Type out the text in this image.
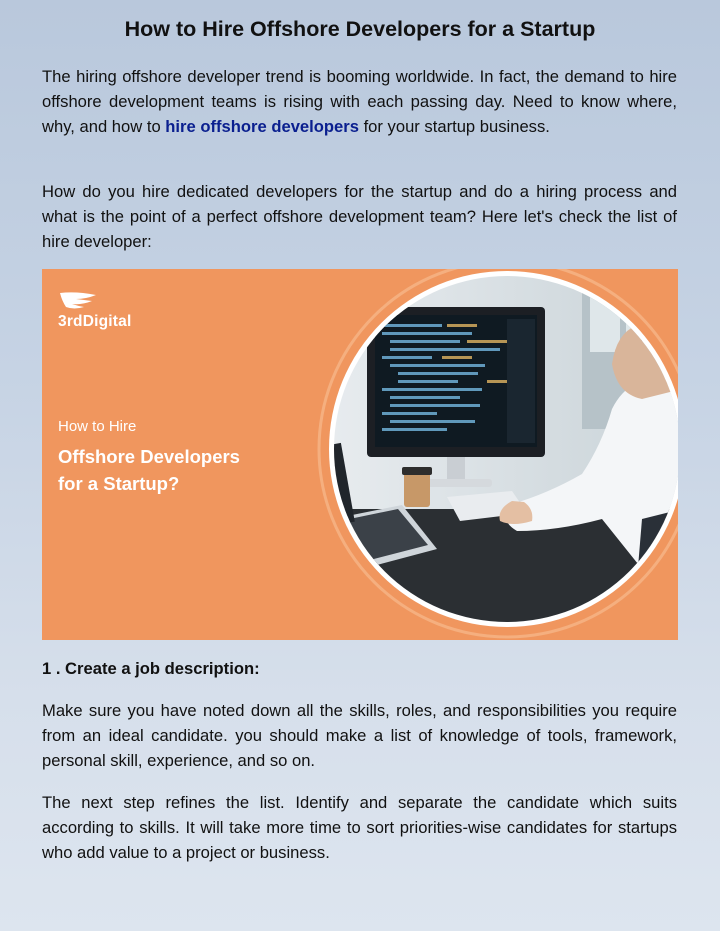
How to Hire Offshore Developers for a Startup

The hiring offshore developer trend is booming worldwide. In fact, the demand to hire offshore development teams is rising with each passing day. Need to know where, why, and how to hire offshore developers for your startup business.

How do you hire dedicated developers for the startup and do a hiring process and what is the point of a perfect offshore development team? Here let's check the list of hire developer:

3rdDigital
How to Hire
Offshore Developers
for a Startup?
1 . Create a job description:

Make sure you have noted down all the skills, roles, and responsibilities you require from an ideal candidate. you should make a list of knowledge of tools, framework, personal skill, experience, and so on.

The next step refines the list. Identify and separate the candidate which suits according to skills. It will take more time to sort priorities-wise candidates for startups who add value to a project or business.
